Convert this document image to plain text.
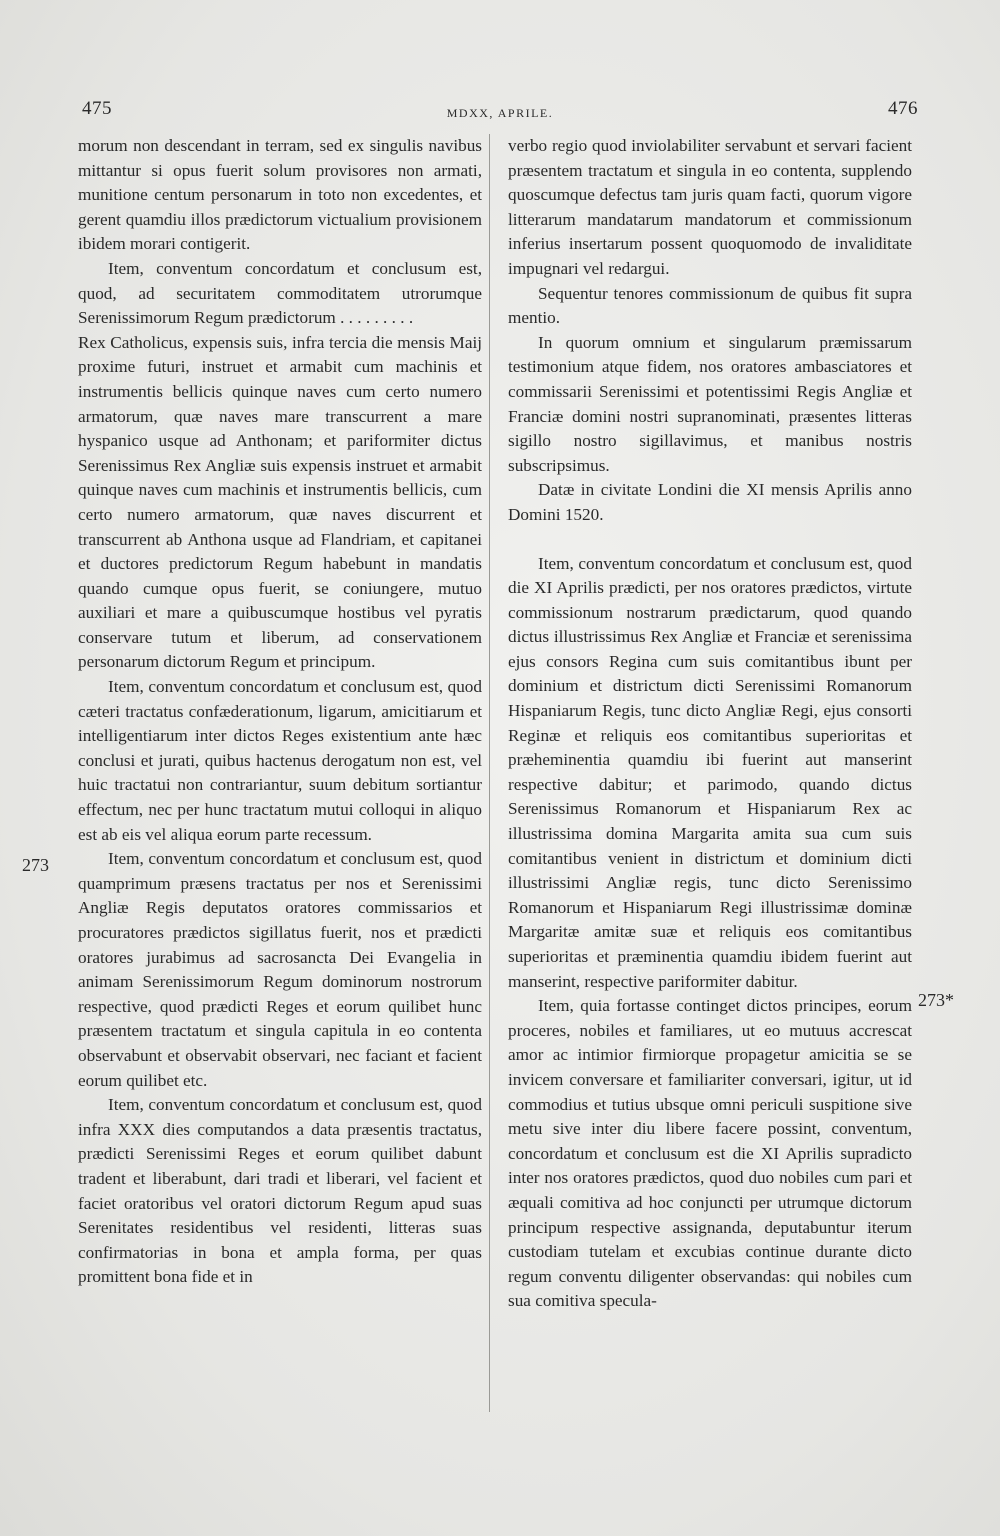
475	MDXX, APRILE.	476

morum non descendant in terram, sed ex singulis navibus mittantur si opus fuerit solum provisores non armati, munitione centum personarum in toto non excedentes, et gerent quamdiu illos prædictorum victualium provisionem ibidem morari contigerit.

Item, conventum concordatum et conclusum est, quod, ad securitatem commoditatem utrorumque Serenissimorum Regum prædictorum . . . . . . . . .

Rex Catholicus, expensis suis, infra tercia die mensis Maij proxime futuri, instruet et armabit cum machinis et instrumentis bellicis quinque naves cum certo numero armatorum, quæ naves mare transcurrent a mare hyspanico usque ad Anthonam; et pariformiter dictus Serenissimus Rex Angliæ suis expensis instruet et armabit quinque naves cum machinis et instrumentis bellicis, cum certo numero armatorum, quæ naves discurrent et transcurrent ab Anthona usque ad Flandriam, et capitanei et ductores predictorum Regum habebunt in mandatis quando cumque opus fuerit, se coniungere, mutuo auxiliari et mare a quibuscumque hostibus vel pyratis conservare tutum et liberum, ad conservationem personarum dictorum Regum et principum.

Item, conventum concordatum et conclusum est, quod cæteri tractatus confæderationum, ligarum, amicitiarum et intelligentiarum inter dictos Reges existentium ante hæc conclusi et jurati, quibus hactenus derogatum non est, vel huic tractatui non contrariantur, suum debitum sortiantur effectum, nec per hunc tractatum mutui colloqui in aliquo est ab eis vel aliqua eorum parte recessum.

Item, conventum concordatum et conclusum est, quod quamprimum præsens tractatus per nos et Serenissimi Angliæ Regis deputatos oratores commissarios et procuratores prædictos sigillatus fuerit, nos et prædicti oratores jurabimus ad sacrosancta Dei Evangelia in animam Serenissimorum Regum dominorum nostrorum respective, quod prædicti Reges et eorum quilibet hunc præsentem tractatum et singula capitula in eo contenta observabunt et observabit observari, nec faciant et facient eorum quilibet etc.

Item, conventum concordatum et conclusum est, quod infra XXX dies computandos a data præsentis tractatus, prædicti Serenissimi Reges et eorum quilibet dabunt tradent et liberabunt, dari tradi et liberari, vel facient et faciet oratoribus vel oratori dictorum Regum apud suas Serenitates residentibus vel residenti, litteras suas confirmatorias in bona et ampla forma, per quas promittent bona fide et in

verbo regio quod inviolabiliter servabunt et servari facient præsentem tractatum et singula in eo contenta, supplendo quoscumque defectus tam juris quam facti, quorum vigore litterarum mandatarum mandatorum et commissionum inferius insertarum possent quoquomodo de invaliditate impugnari vel redargui.

Sequentur tenores commissionum de quibus fit supra mentio.

In quorum omnium et singularum præmissarum testimonium atque fidem, nos oratores ambasciatores et commissarii Serenissimi et potentissimi Regis Angliæ et Franciæ domini nostri supranominati, præsentes litteras sigillo nostro sigillavimus, et manibus nostris subscripsimus.

Datæ in civitate Londini die XI mensis Aprilis anno Domini 1520.

Item, conventum concordatum et conclusum est, quod die XI Aprilis prædicti, per nos oratores prædictos, virtute commissionum nostrarum prædictarum, quod quando dictus illustrissimus Rex Angliæ et Franciæ et serenissima ejus consors Regina cum suis comitantibus ibunt per dominium et districtum dicti Serenissimi Romanorum Hispaniarum Regis, tunc dicto Angliæ Regi, ejus consorti Reginæ et reliquis eos comitantibus superioritas et præheminentia quamdiu ibi fuerint aut manserint respective dabitur; et parimodo, quando dictus Serenissimus Romanorum et Hispaniarum Rex ac illustrissima domina Margarita amita sua cum suis comitantibus venient in districtum et dominium dicti illustrissimi Angliæ regis, tunc dicto Serenissimo Romanorum et Hispaniarum Regi illustrissimæ dominæ Margaritæ amitæ suæ et reliquis eos comitantibus superioritas et præminentia quamdiu ibidem fuerint aut manserint, respective pariformiter dabitur.

Item, quia fortasse continget dictos principes, eorum proceres, nobiles et familiares, ut eo mutuus accrescat amor ac intimior firmiorque propagetur amicitia se se invicem conversare et familiariter conversari, igitur, ut id commodius et tutius ubsque omni periculi suspitione sive metu sive inter diu libere facere possint, conventum, concordatum et conclusum est die XI Aprilis supradicto inter nos oratores prædictos, quod duo nobiles cum pari et æquali comitiva ad hoc conjuncti per utrumque dictorum principum respective assignanda, deputabuntur iterum custodiam tutelam et excubias continue durante dicto regum conventu diligenter observandas: qui nobiles cum sua comitiva specula-

273
273*
